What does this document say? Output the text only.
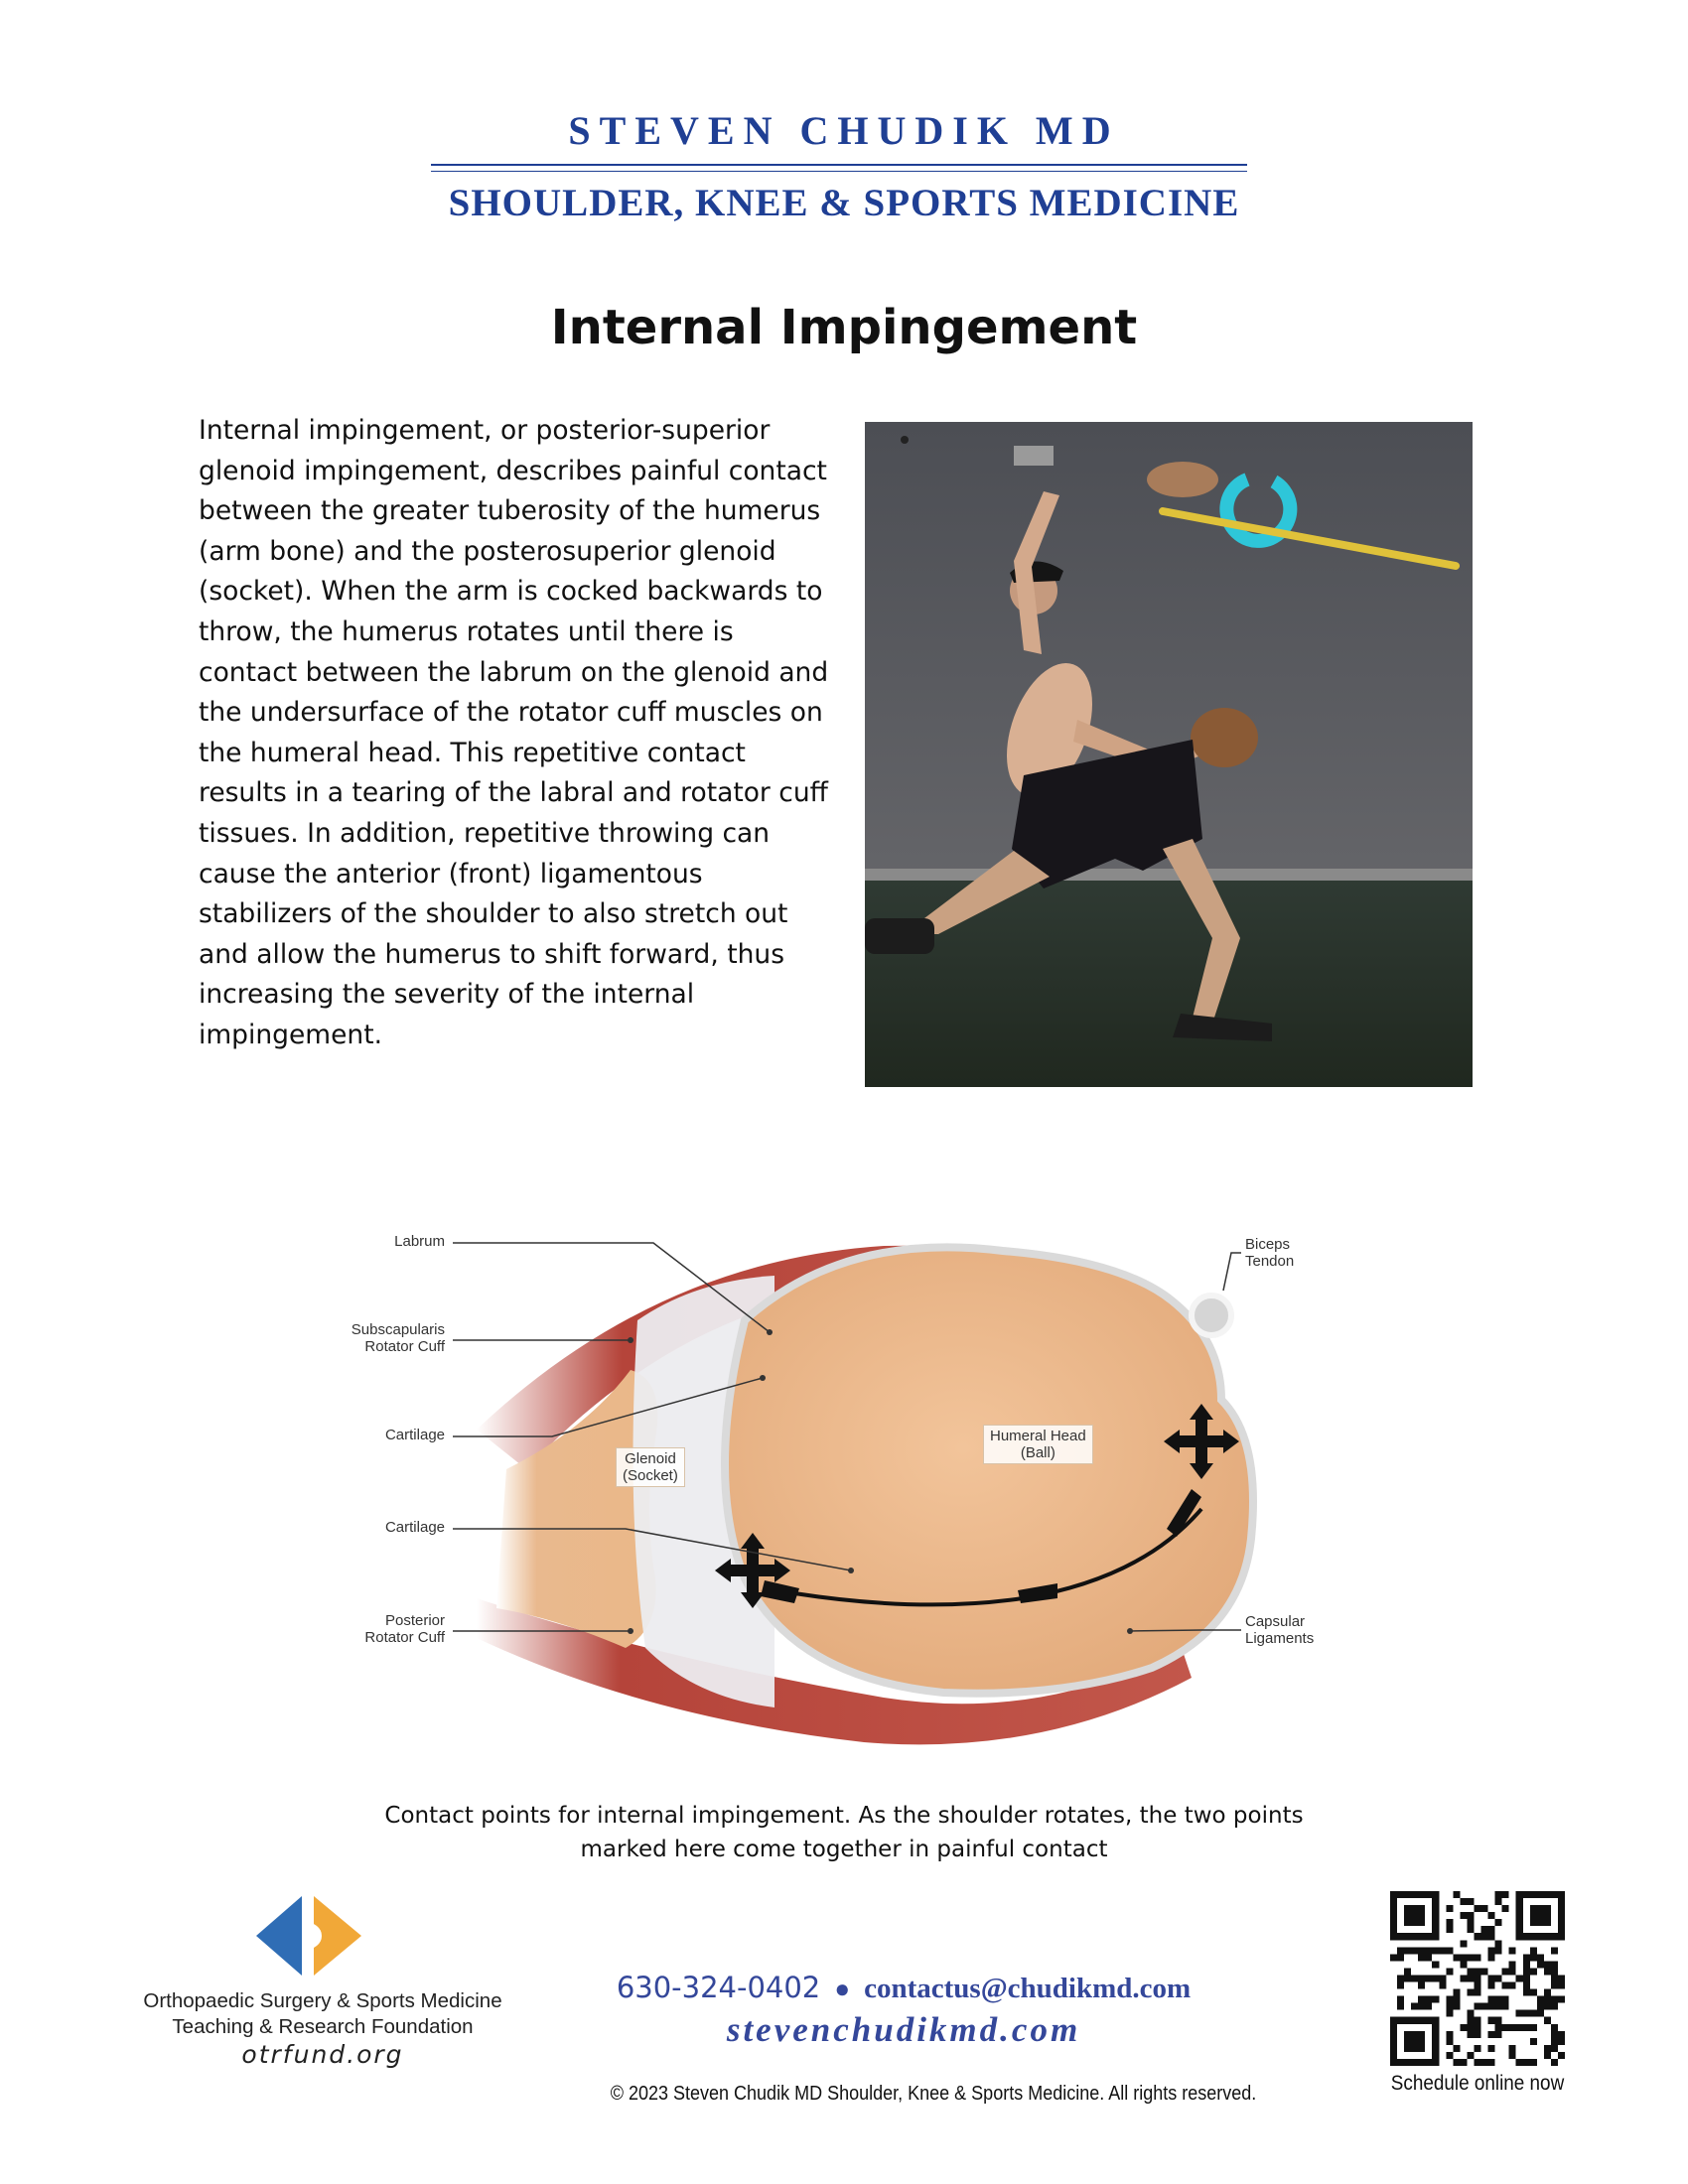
STEVEN CHUDIK MD
SHOULDER, KNEE & SPORTS MEDICINE
Internal Impingement
Internal impingement, or posterior-superior glenoid impingement, describes painful contact between the greater tuberosity of the humerus (arm bone) and the posterosuperior glenoid (socket). When the arm is cocked backwards to throw, the humerus rotates until there is contact between the labrum on the glenoid and the undersurface of the rotator cuff muscles on the humeral head. This repetitive contact results in a tearing of the labral and rotator cuff tissues. In addition, repetitive throwing can cause the anterior (front) ligamentous stabilizers of the shoulder to also stretch out and allow the humerus to shift forward, thus increasing the severity of the internal impingement.
Labrum
Subscapularis
Rotator Cuff
Cartilage
Cartilage
Posterior
Rotator Cuff
Biceps
Tendon
Capsular
Ligaments
Glenoid
(Socket)
Humeral Head
(Ball)
Contact points for internal impingement. As the shoulder rotates, the two points marked here come together in painful contact
Orthopaedic Surgery & Sports Medicine
Teaching & Research Foundation
otrfund.org
630-324-0402 ● contactus@chudikmd.com
stevenchudikmd.com
© 2023 Steven Chudik MD Shoulder, Knee & Sports Medicine. All rights reserved.	Schedule online now
